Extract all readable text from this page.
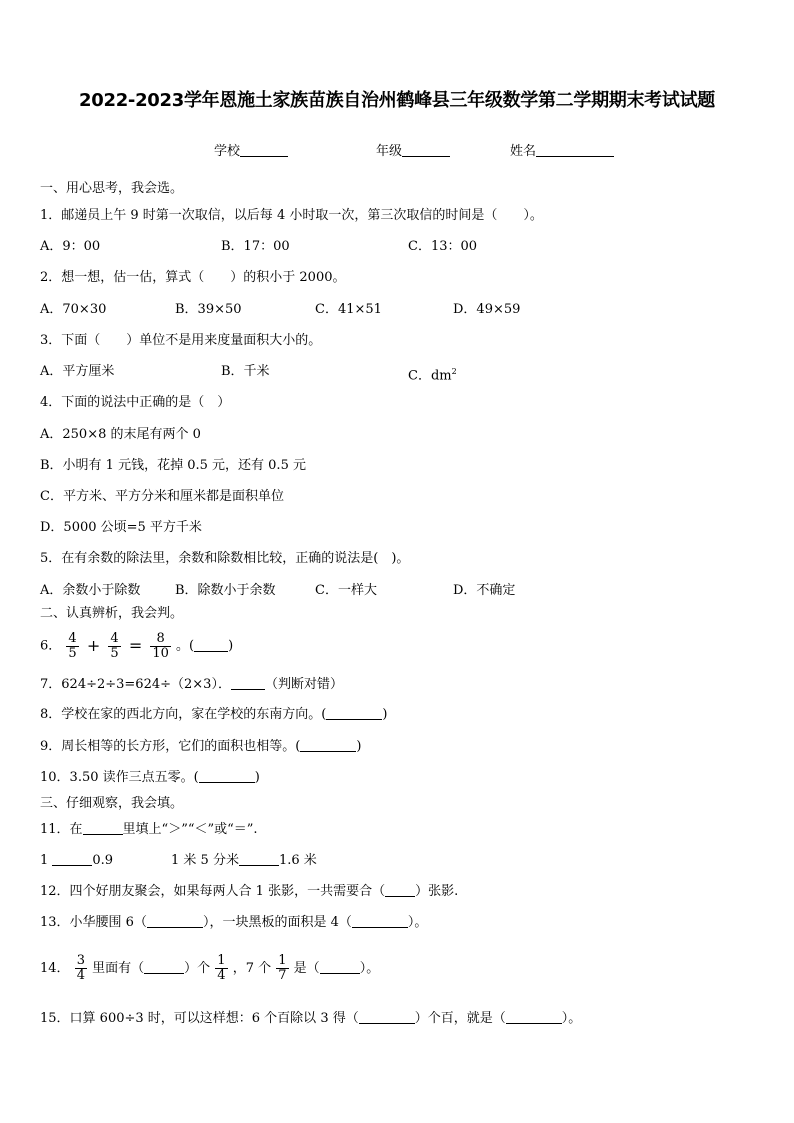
2022-2023学年恩施土家族苗族自治州鹤峰县三年级数学第二学期期末考试试题
学校	年级	姓名
一、用心思考，我会选。
1．邮递员上午 9 时第一次取信，以后每 4 小时取一次，第三次取信的时间是（　　）。
A．9：00	B．17：00	C．13：00
2．想一想，估一估，算式（　　）的积小于 2000。
A．70×30	B．39×50	C．41×51	D．49×59
3．下面（　　）单位不是用来度量面积大小的。
A．平方厘米	B．千米	C．$dm^2$
4．下面的说法中正确的是（　）
A．250×8 的末尾有两个 0
B．小明有 1 元钱，花掉 0.5 元，还有 0.5 元
C．平方米、平方分米和厘米都是面积单位
D．5000 公顷=5 平方千米
5．在有余数的除法里，余数和除数相比较，正确的说法是(　)。
A．余数小于除数	B．除数小于余数	C．一样大	D．不确定
二、认真辨析，我会判。
6． $\frac{4}{5} + \frac{4}{5} = \frac{8}{10}$ 。(	)
7．624÷2÷3=624÷（2×3）．	（判断对错）
8．学校在家的西北方向，家在学校的东南方向。(	)
9．周长相等的长方形，它们的面积也相等。(	)
10．3.50 读作三点五零。(	)
三、仔细观察，我会填。
11．在	里填上“＞”“＜”或“＝”.
1	0.9	1 米 5 分米	1.6 米
12．四个好朋友聚会，如果每两人合 1 张影，一共需要合（ ）张影.
13．小华腰围 6（	），一块黑板的面积是 4（	）。
14． $\frac{3}{4}$ 里面有（	）个 $\frac{1}{4}$ ，7 个 $\frac{1}{7}$ 是（	）。
15．口算 600÷3 时，可以这样想：6 个百除以 3 得（	）个百，就是（	）。
